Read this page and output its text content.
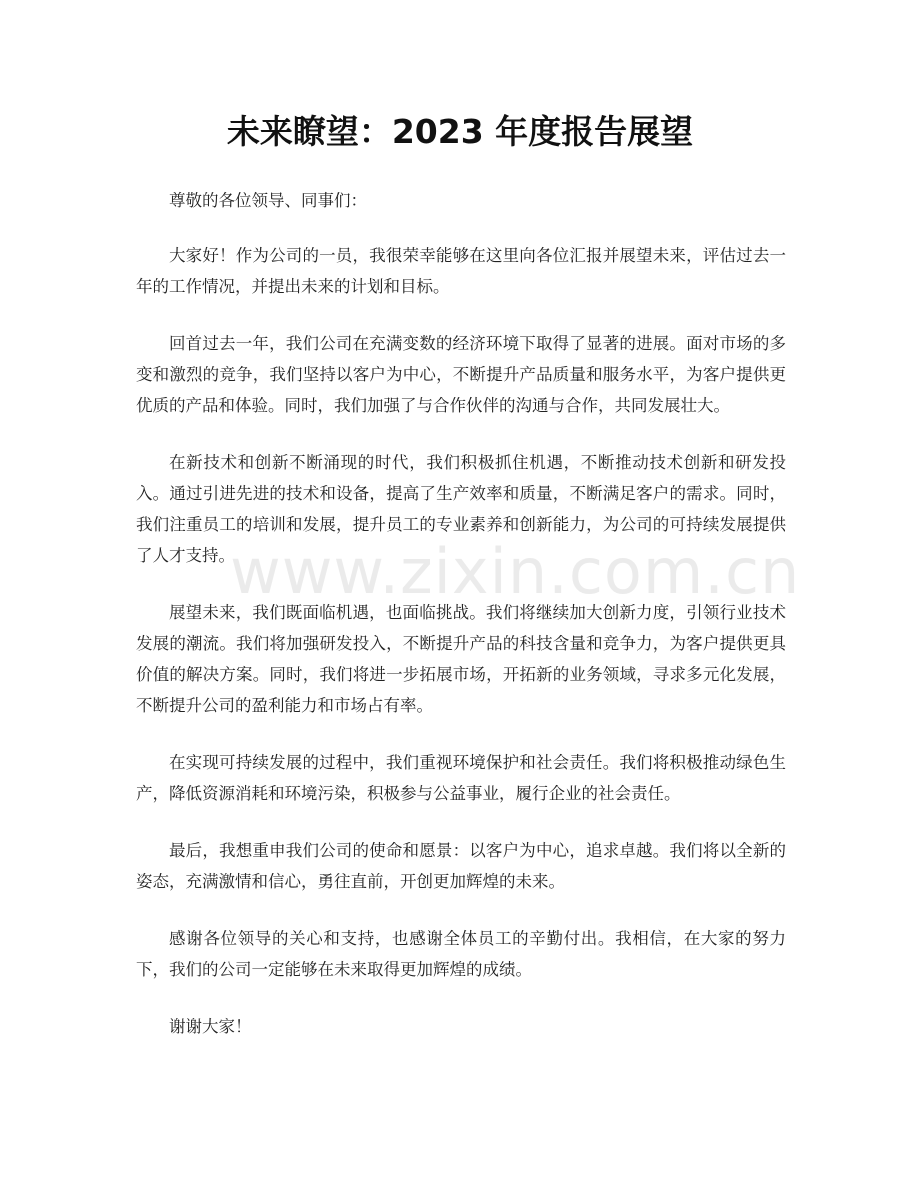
未来瞭望：2023 年度报告展望

尊敬的各位领导、同事们：

大家好！作为公司的一员，我很荣幸能够在这里向各位汇报并展望未来，评估过去一年的工作情况，并提出未来的计划和目标。

回首过去一年，我们公司在充满变数的经济环境下取得了显著的进展。面对市场的多变和激烈的竞争，我们坚持以客户为中心，不断提升产品质量和服务水平，为客户提供更优质的产品和体验。同时，我们加强了与合作伙伴的沟通与合作，共同发展壮大。

在新技术和创新不断涌现的时代，我们积极抓住机遇，不断推动技术创新和研发投入。通过引进先进的技术和设备，提高了生产效率和质量，不断满足客户的需求。同时，我们注重员工的培训和发展，提升员工的专业素养和创新能力，为公司的可持续发展提供了人才支持。

展望未来，我们既面临机遇，也面临挑战。我们将继续加大创新力度，引领行业技术发展的潮流。我们将加强研发投入，不断提升产品的科技含量和竞争力，为客户提供更具价值的解决方案。同时，我们将进一步拓展市场，开拓新的业务领域，寻求多元化发展，不断提升公司的盈利能力和市场占有率。

在实现可持续发展的过程中，我们重视环境保护和社会责任。我们将积极推动绿色生产，降低资源消耗和环境污染，积极参与公益事业，履行企业的社会责任。

最后，我想重申我们公司的使命和愿景：以客户为中心，追求卓越。我们将以全新的姿态，充满激情和信心，勇往直前，开创更加辉煌的未来。

感谢各位领导的关心和支持，也感谢全体员工的辛勤付出。我相信，在大家的努力下，我们的公司一定能够在未来取得更加辉煌的成绩。

谢谢大家！

www.zixin.com.cn
